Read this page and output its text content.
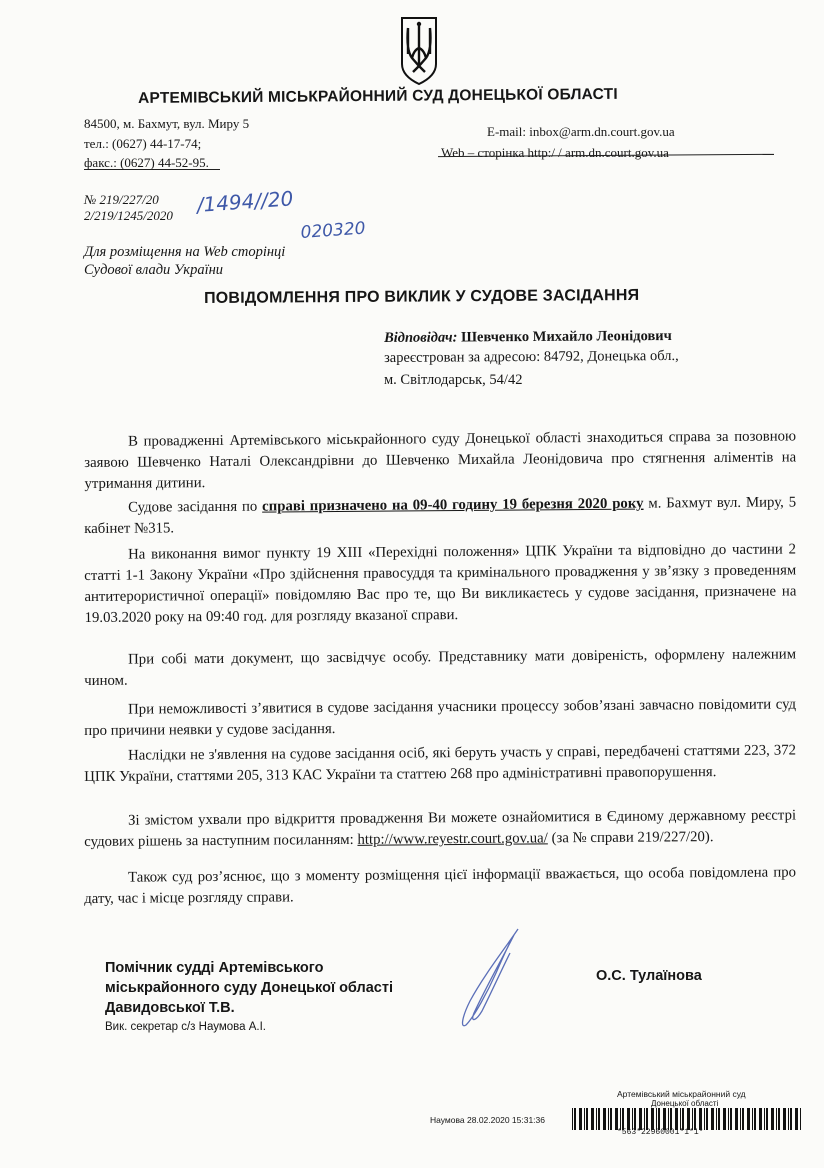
АРТЕМІВСЬКИЙ МІСЬКРАЙОННИЙ СУД ДОНЕЦЬКОЇ ОБЛАСТІ
84500, м. Бахмут, вул. Миру 5
тел.: (0627) 44-17-74;
факс.: (0627) 44-52-95.
E-mail: inbox@arm.dn.court.gov.ua
Web – сторінка http:/ / arm.dn.court.gov.ua
№ 219/227/20
2/219/1245/2020 /1494//20
020320
Для розміщення на Web сторінці
Судової влади України
ПОВІДОМЛЕННЯ ПРО ВИКЛИК У СУДОВЕ ЗАСІДАННЯ
Відповідач: Шевченко Михайло Леонідович
зареєстрован за адресою: 84792, Донецька обл.,
м. Світлодарськ, 54/42
В провадженні Артемівського міськрайонного суду Донецької області знаходиться справа за позовною заявою Шевченко Наталі Олександрівни до Шевченко Михайла Леонідовича про стягнення аліментів на утримання дитини.
Судове засідання по справі призначено на 09-40 годину 19 березня 2020 року м. Бахмут вул. Миру, 5 кабінет №315.
На виконання вимог пункту 19 XIII «Перехідні положення» ЦПК України та відповідно до частини 2 статті 1-1 Закону України «Про здійснення правосуддя та кримінального провадження у зв’язку з проведенням антитерористичної операції» повідомляю Вас про те, що Ви викликаєтесь у судове засідання, призначене на 19.03.2020 року на 09:40 год. для розгляду вказаної справи.
При собі мати документ, що засвідчує особу. Представнику мати довіреність, оформлену належним чином.
При неможливості з’явитися в судове засідання учасники процессу зобов’язані завчасно повідомити суд про причини неявки у судове засідання.
Наслідки не з'явлення на судове засідання осіб, які беруть участь у справі, передбачені статтями 223, 372 ЦПК України, статтями 205, 313 КАС України та статтею 268 про адміністративні правопорушення.
Зі змістом ухвали про відкриття провадження Ви можете ознайомитися в Єдиному державному реєстрі судових рішень за наступним посиланням: http://www.reyestr.court.gov.ua/ (за № справи 219/227/20).
Також суд роз’яснює, що з моменту розміщення цієї інформації вважається, що особа повідомлена про дату, час і місце розгляду справи.
Помічник судді Артемівського
міськрайонного суду Донецької області
Давидовської Т.В.
Вик. секретар с/з Наумова А.І.
О.С. Тулаїнова
Артемівський міськрайонний суд
Донецької області
Наумова 28.02.2020 15:31:36
*563*22960001*1*1*
